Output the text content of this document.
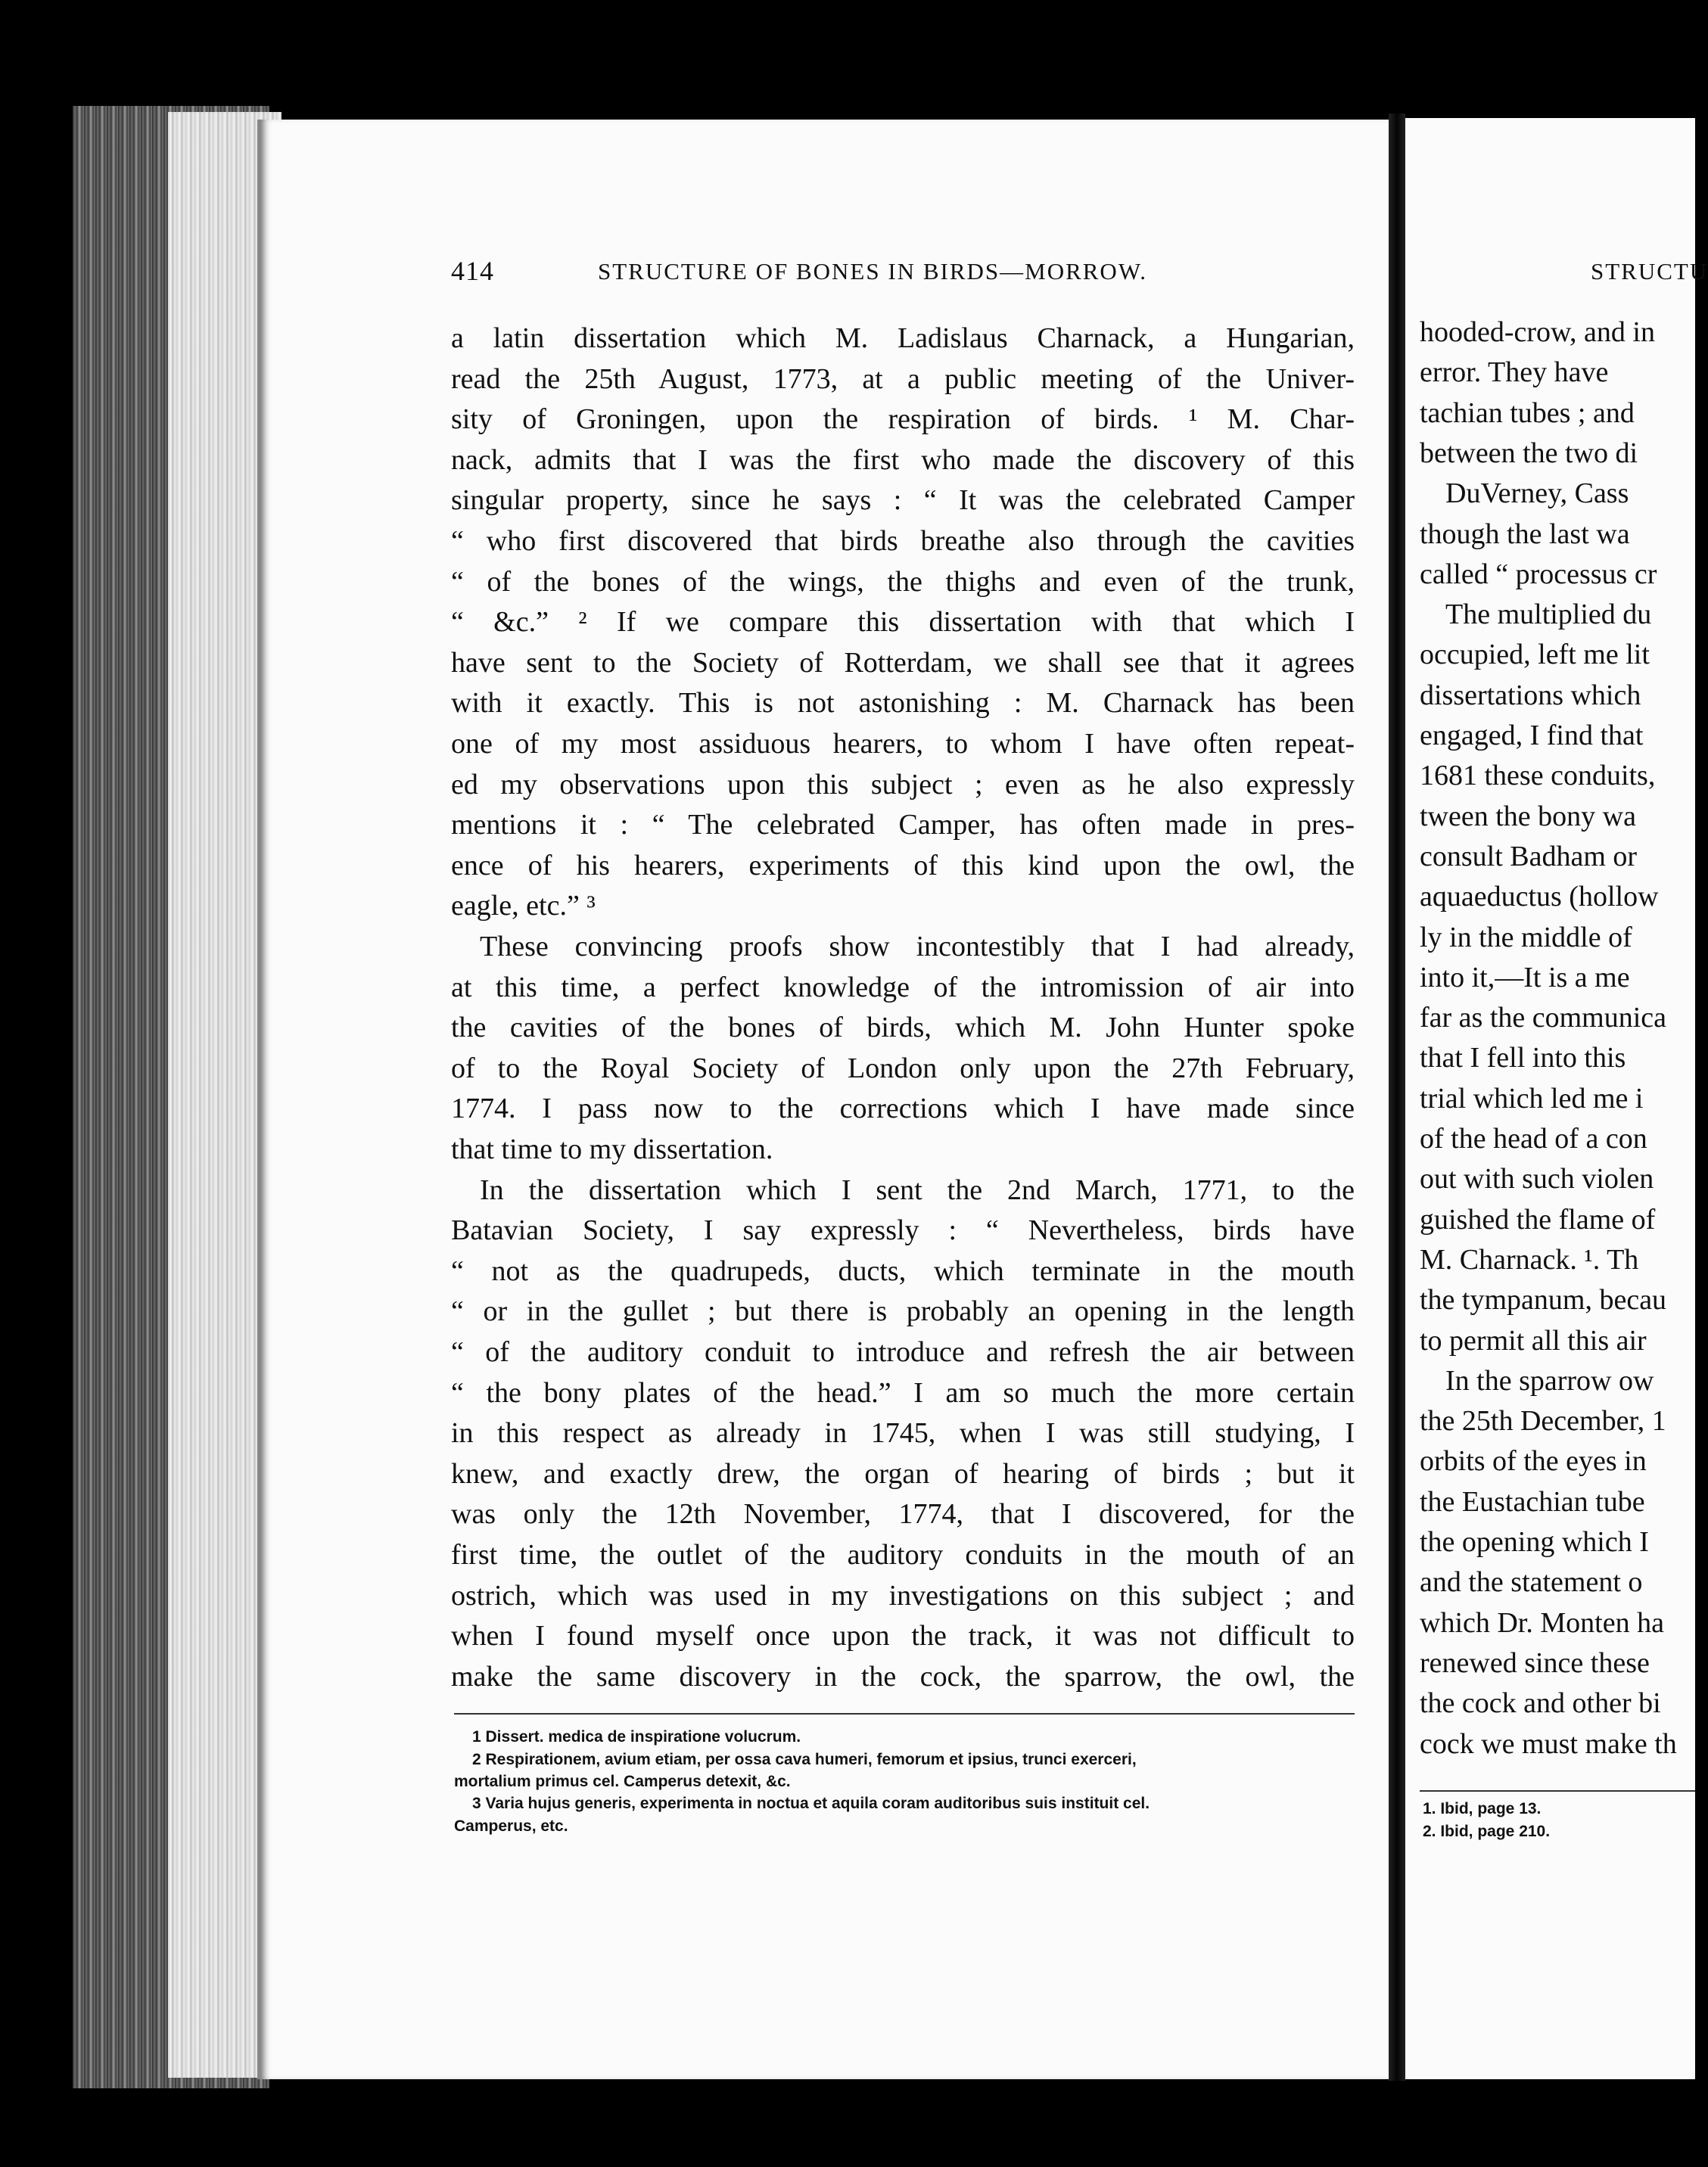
414	STRUCTURE OF BONES IN BIRDS—MORROW.
a latin dissertation which M. Ladislaus Charnack, a Hungarian,
read the 25th August, 1773, at a public meeting of the Univer-
sity of Groningen, upon the respiration of birds. ¹ M. Char-
nack, admits that I was the first who made the discovery of this
singular property, since he says : “ It was the celebrated Camper
“ who first discovered that birds breathe also through the cavities
“ of the bones of the wings, the thighs and even of the trunk,
“ &c.” ² If we compare this dissertation with that which I
have sent to the Society of Rotterdam, we shall see that it agrees
with it exactly. This is not astonishing : M. Charnack has been
one of my most assiduous hearers, to whom I have often repeat-
ed my observations upon this subject ; even as he also expressly
mentions it : “ The celebrated Camper, has often made in pres-
ence of his hearers, experiments of this kind upon the owl, the
eagle, etc.” ³
These convincing proofs show incontestibly that I had already,
at this time, a perfect knowledge of the intromission of air into
the cavities of the bones of birds, which M. John Hunter spoke
of to the Royal Society of London only upon the 27th February,
1774. I pass now to the corrections which I have made since
that time to my dissertation.
In the dissertation which I sent the 2nd March, 1771, to the
Batavian Society, I say expressly : “ Nevertheless, birds have
“ not as the quadrupeds, ducts, which terminate in the mouth
“ or in the gullet ; but there is probably an opening in the length
“ of the auditory conduit to introduce and refresh the air between
“ the bony plates of the head.” I am so much the more certain
in this respect as already in 1745, when I was still studying, I
knew, and exactly drew, the organ of hearing of birds ; but it
was only the 12th November, 1774, that I discovered, for the
first time, the outlet of the auditory conduits in the mouth of an
ostrich, which was used in my investigations on this subject ; and
when I found myself once upon the track, it was not difficult to
make the same discovery in the cock, the sparrow, the owl, the
1 Dissert. medica de inspiratione volucrum.
2 Respirationem, avium etiam, per ossa cava humeri, femorum et ipsius, trunci exerceri,
mortalium primus cel. Camperus detexit, &c.
3 Varia hujus generis, experimenta in noctua et aquila coram auditoribus suis instituit cel.
Camperus, etc.
STRUCTU
hooded-crow, and in
error. They have
tachian tubes ; and
between the two di
DuVerney, Cass
though the last wa
called “ processus cr
The multiplied du
occupied, left me lit
dissertations which
engaged, I find that
1681 these conduits,
tween the bony wa
consult Badham or
aquaeductus (hollow
ly in the middle of
into it,—It is a me
far as the communica
that I fell into this
trial which led me i
of the head of a con
out with such violen
guished the flame of
M. Charnack. ¹. Th
the tympanum, becau
to permit all this air
In the sparrow ow
the 25th December, 1
orbits of the eyes in
the Eustachian tube
the opening which I
and the statement o
which Dr. Monten ha
renewed since these
the cock and other bi
cock we must make th
1. Ibid, page 13.
2. Ibid, page 210.
